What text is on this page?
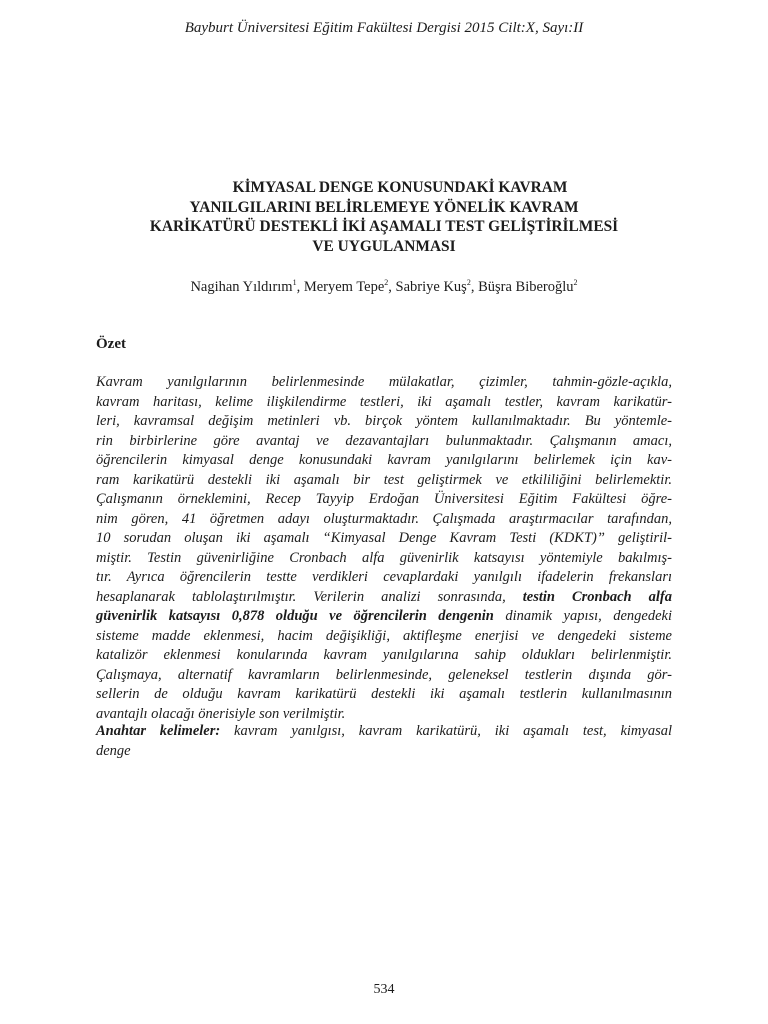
Bayburt Üniversitesi Eğitim Fakültesi Dergisi 2015 Cilt:X, Sayı:II
KİMYASAL DENGE KONUSUNDAKİ KAVRAM
YANILGILARINI BELİRLEMEYE YÖNELİK KAVRAM
KARİKATÜRÜ DESTEKLİ İKİ AŞAMALI TEST GELİŞTİRİLMESİ
VE UYGULANMASI
Nagihan Yıldırım$^1$, Meryem Tepe$^2$, Sabriye Kuş$^2$, Büşra Biberoğlu$^2$
Özet
Kavram yanılgılarının belirlenmesinde mülakatlar, çizimler, tahmin-gözle-açıkla,
kavram haritası, kelime ilişkilendirme testleri, iki aşamalı testler, kavram karikatür-
leri, kavramsal değişim metinleri vb. birçok yöntem kullanılmaktadır. Bu yöntemle-
rin birbirlerine göre avantaj ve dezavantajları bulunmaktadır. Çalışmanın amacı,
öğrencilerin kimyasal denge konusundaki kavram yanılgılarını belirlemek için kav-
ram karikatürü destekli iki aşamalı bir test geliştirmek ve etkililiğini belirlemektir.
Çalışmanın örneklemini, Recep Tayyip Erdoğan Üniversitesi Eğitim Fakültesi öğre-
nim gören, 41 öğretmen adayı oluşturmaktadır. Çalışmada araştırmacılar tarafından,
10 sorudan oluşan iki aşamalı “Kimyasal Denge Kavram Testi (KDKT)” geliştiril-
miştir. Testin güvenirliğine Cronbach alfa güvenirlik katsayısı yöntemiyle bakılmış-
tır. Ayrıca öğrencilerin testte verdikleri cevaplardaki yanılgılı ifadelerin frekansları
hesaplanarak tablolaştırılmıştır. Verilerin analizi sonrasında, testin Cronbach alfa
güvenirlik katsayısı 0,878 olduğu ve öğrencilerin dengenin dinamik yapısı, dengedeki
sisteme madde eklenmesi, hacim değişikliği, aktifleşme enerjisi ve dengedeki sisteme
katalizör eklenmesi konularında kavram yanılgılarına sahip oldukları belirlenmiştir.
Çalışmaya, alternatif kavramların belirlenmesinde, geleneksel testlerin dışında gör-
sellerin de olduğu kavram karikatürü destekli iki aşamalı testlerin kullanılmasının
avantajlı olacağı önerisiyle son verilmiştir.
Anahtar kelimeler: kavram yanılgısı, kavram karikatürü, iki aşamalı test, kimyasal
denge
534
